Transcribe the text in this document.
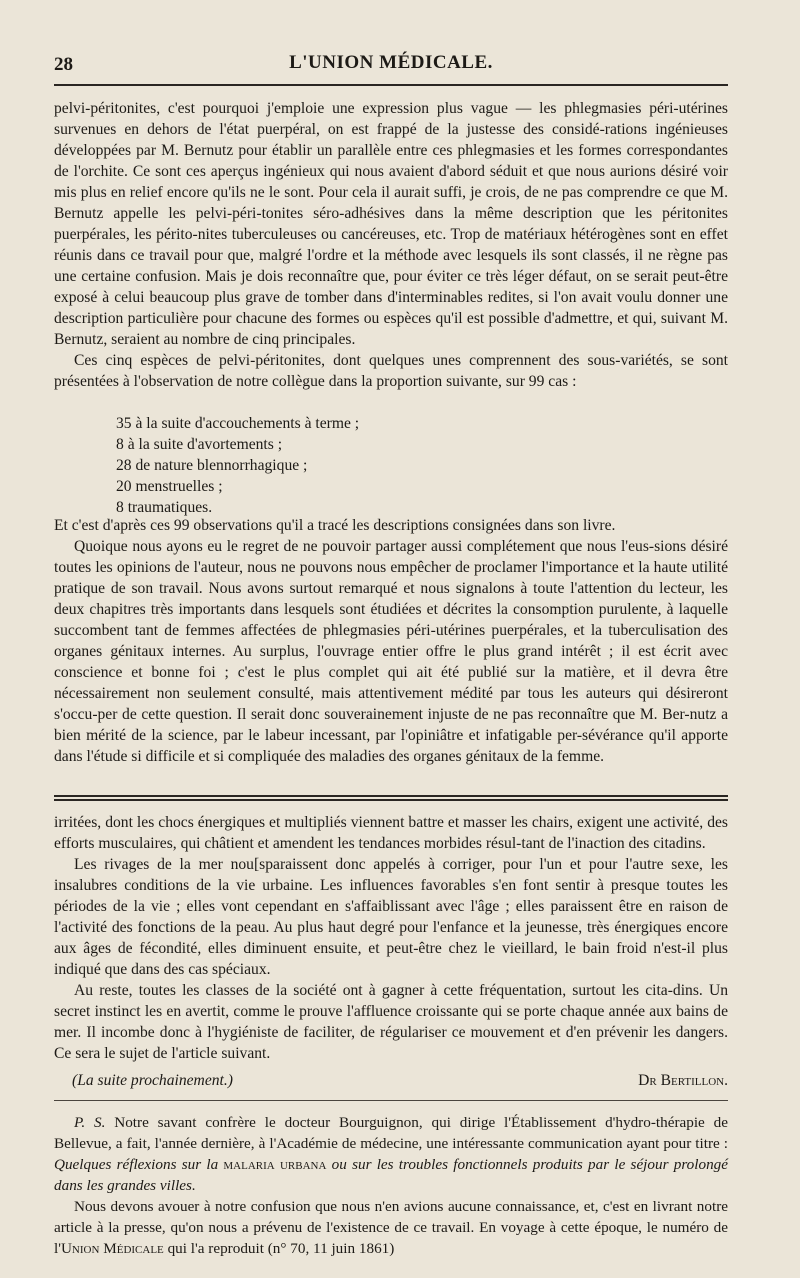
28	L'UNION MÉDICALE.

pelvi-péritonites, c'est pourquoi j'emploie une expression plus vague — les phlegmasies péri-utérines survenues en dehors de l'état puerpéral, on est frappé de la justesse des considé-rations ingénieuses développées par M. Bernutz pour établir un parallèle entre ces phlegmasies et les formes correspondantes de l'orchite. Ce sont ces aperçus ingénieux qui nous avaient d'abord séduit et que nous aurions désiré voir mis plus en relief encore qu'ils ne le sont. Pour cela il aurait suffi, je crois, de ne pas comprendre ce que M. Bernutz appelle les pelvi-péri-tonites séro-adhésives dans la même description que les péritonites puerpérales, les périto-nites tuberculeuses ou cancéreuses, etc. Trop de matériaux hétérogènes sont en effet réunis dans ce travail pour que, malgré l'ordre et la méthode avec lesquels ils sont classés, il ne règne pas une certaine confusion. Mais je dois reconnaître que, pour éviter ce très léger défaut, on se serait peut-être exposé à celui beaucoup plus grave de tomber dans d'interminables redites, si l'on avait voulu donner une description particulière pour chacune des formes ou espèces qu'il est possible d'admettre, et qui, suivant M. Bernutz, seraient au nombre de cinq principales.

Ces cinq espèces de pelvi-péritonites, dont quelques unes comprennent des sous-variétés, se sont présentées à l'observation de notre collègue dans la proportion suivante, sur 99 cas :

35 à la suite d'accouchements à terme ;
8 à la suite d'avortements ;
28 de nature blennorrhagique ;
20 menstruelles ;
8 traumatiques.

Et c'est d'après ces 99 observations qu'il a tracé les descriptions consignées dans son livre.

Quoique nous ayons eu le regret de ne pouvoir partager aussi complétement que nous l'eus-sions désiré toutes les opinions de l'auteur, nous ne pouvons nous empêcher de proclamer l'importance et la haute utilité pratique de son travail. Nous avons surtout remarqué et nous signalons à toute l'attention du lecteur, les deux chapitres très importants dans lesquels sont étudiées et décrites la consomption purulente, à laquelle succombent tant de femmes affectées de phlegmasies péri-utérines puerpérales, et la tuberculisation des organes génitaux internes. Au surplus, l'ouvrage entier offre le plus grand intérêt ; il est écrit avec conscience et bonne foi ; c'est le plus complet qui ait été publié sur la matière, et il devra être nécessairement non seulement consulté, mais attentivement médité par tous les auteurs qui désireront s'occu-per de cette question. Il serait donc souverainement injuste de ne pas reconnaître que M. Ber-nutz a bien mérité de la science, par le labeur incessant, par l'opiniâtre et infatigable per-sévérance qu'il apporte dans l'étude si difficile et si compliquée des maladies des organes génitaux de la femme.

irritées, dont les chocs énergiques et multipliés viennent battre et masser les chairs, exigent une activité, des efforts musculaires, qui châtient et amendent les tendances morbides résul-tant de l'inaction des citadins.

Les rivages de la mer nou[sparaissent donc appelés à corriger, pour l'un et pour l'autre sexe, les insalubres conditions de la vie urbaine. Les influences favorables s'en font sentir à presque toutes les périodes de la vie ; elles vont cependant en s'affaiblissant avec l'âge ; elles paraissent être en raison de l'activité des fonctions de la peau. Au plus haut degré pour l'enfance et la jeunesse, très énergiques encore aux âges de fécondité, elles diminuent ensuite, et peut-être chez le vieillard, le bain froid n'est-il plus indiqué que dans des cas spéciaux.

Au reste, toutes les classes de la société ont à gagner à cette fréquentation, surtout les cita-dins. Un secret instinct les en avertit, comme le prouve l'affluence croissante qui se porte chaque année aux bains de mer. Il incombe donc à l'hygiéniste de faciliter, de régulariser ce mouvement et d'en prévenir les dangers. Ce sera le sujet de l'article suivant.

(La suite prochainement.)	Dr Bertillon.

P. S. Notre savant confrère le docteur Bourguignon, qui dirige l'Établissement d'hydro-thérapie de Bellevue, a fait, l'année dernière, à l'Académie de médecine, une intéressante communication ayant pour titre : Quelques réflexions sur la malaria urbana ou sur les troubles fonctionnels produits par le séjour prolongé dans les grandes villes.

Nous devons avouer à notre confusion que nous n'en avions aucune connaissance, et, c'est en livrant notre article à la presse, qu'on nous a prévenu de l'existence de ce travail. En voyage à cette époque, le numéro de l'Union Médicale qui l'a reproduit (n° 70, 11 juin 1861)
